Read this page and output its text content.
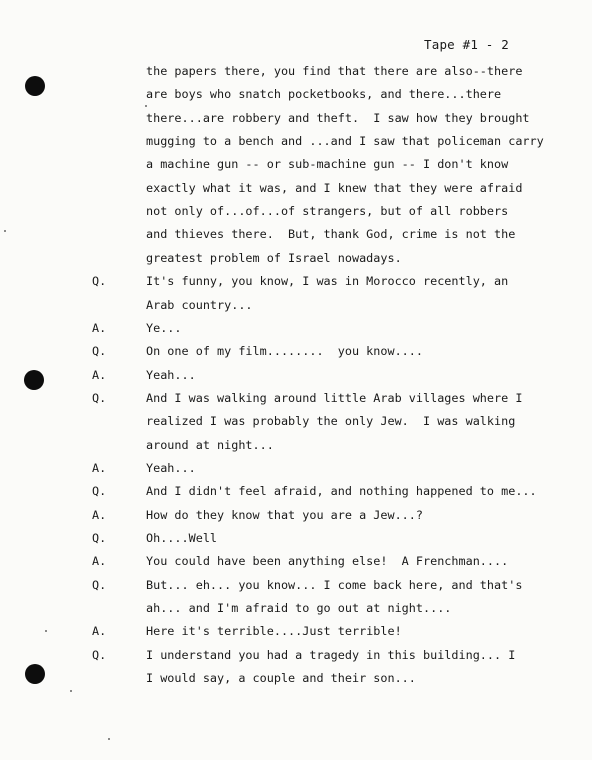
Tape #1 - 2
the papers there, you find that there are also--there
are boys who snatch pocketbooks, and there...there
there...are robbery and theft.  I saw how they brought
mugging to a bench and ...and I saw that policeman carry
a machine gun -- or sub-machine gun -- I don't know
exactly what it was, and I knew that they were afraid
not only of...of...of strangers, but of all robbers
and thieves there.  But, thank God, crime is not the
greatest problem of Israel nowadays.
Q.	It's funny, you know, I was in Morocco recently, an
Arab country...
A.	Ye...
Q.	On one of my film........  you know....
A.	Yeah...
Q.	And I was walking around little Arab villages where I
realized I was probably the only Jew.  I was walking
around at night...
A.	Yeah...
Q.	And I didn't feel afraid, and nothing happened to me...
A.	How do they know that you are a Jew...?
Q.	Oh....Well
A.	You could have been anything else!  A Frenchman....
Q.	But... eh... you know... I come back here, and that's
ah... and I'm afraid to go out at night....
A.	Here it's terrible....Just terrible!
Q.	I understand you had a tragedy in this building... I
I would say, a couple and their son...
